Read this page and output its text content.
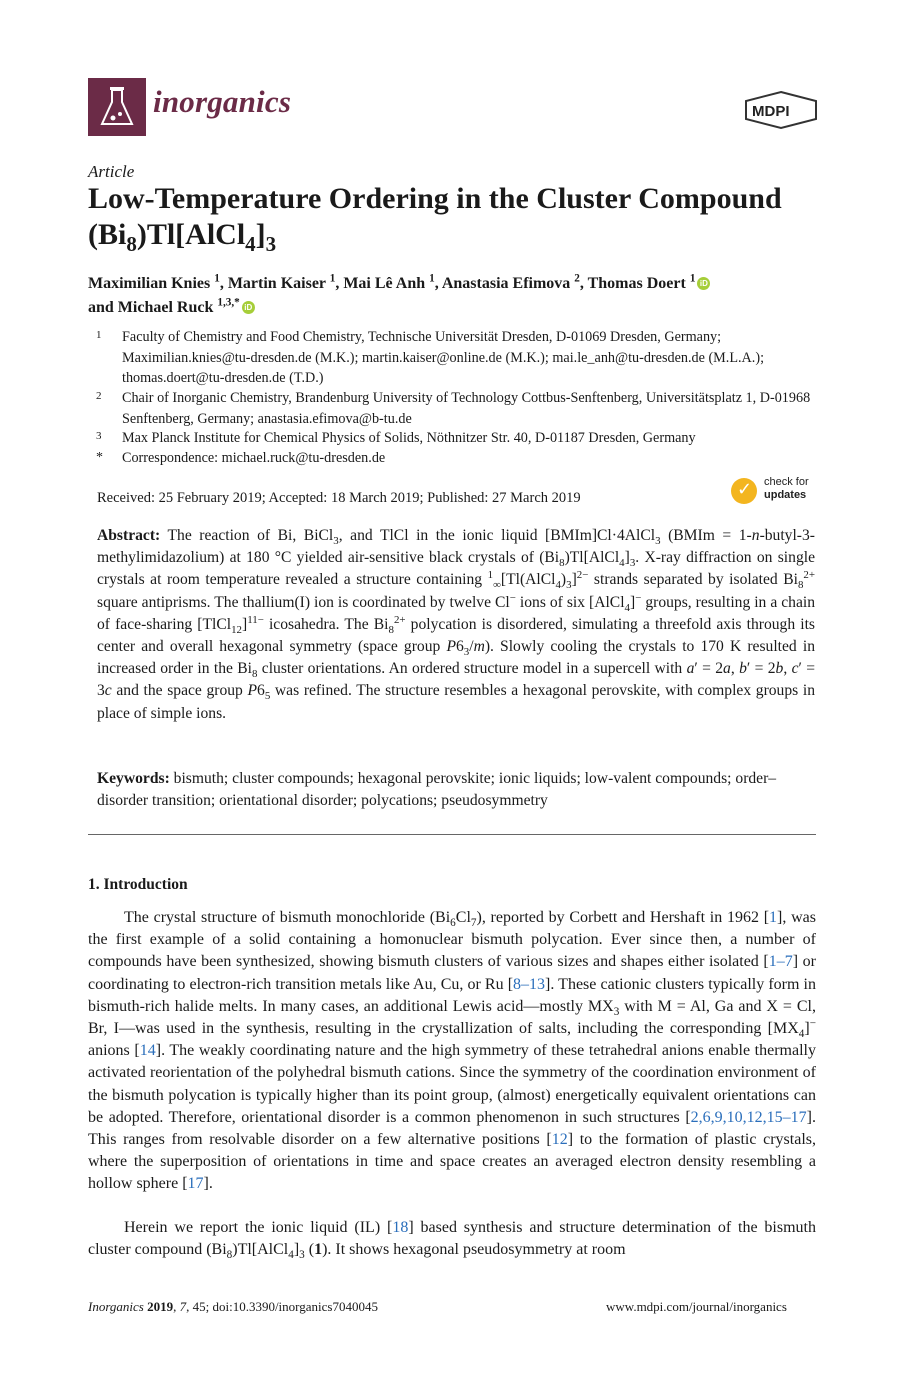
inorganics	MDPI
Article
Low-Temperature Ordering in the Cluster Compound
$(Bi_8)Tl[AlCl_4]_3$
Maximilian Knies $^1$, Martin Kaiser $^1$, Mai Lê Anh $^1$, Anastasia Efimova $^2$, Thomas Doert $^1$ iD
and Michael Ruck $^{1,3,*}$ iD
1 Faculty of Chemistry and Food Chemistry, Technische Universität Dresden, D-01069 Dresden, Germany; Maximilian.knies@tu-dresden.de (M.K.); martin.kaiser@online.de (M.K.); mai.le_anh@tu-dresden.de (M.L.A.); thomas.doert@tu-dresden.de (T.D.)
2 Chair of Inorganic Chemistry, Brandenburg University of Technology Cottbus-Senftenberg, Universitätsplatz 1, D-01968 Senftenberg, Germany; anastasia.efimova@b-tu.de
3 Max Planck Institute for Chemical Physics of Solids, Nöthnitzer Str. 40, D-01187 Dresden, Germany
* Correspondence: michael.ruck@tu-dresden.de
Received: 25 February 2019; Accepted: 18 March 2019; Published: 27 March 2019
✓
check for
updates
Abstract: The reaction of Bi, BiCl$_3$, and TlCl in the ionic liquid [BMIm]Cl·4AlCl$_3$ (BMIm = 1-n-butyl-3-methylimidazolium) at 180 °C yielded air-sensitive black crystals of $(Bi_8)Tl[AlCl_4]_3$. X-ray diffraction on single crystals at room temperature revealed a structure containing $^1_\infty[Tl(AlCl_4)_3]^{2-}$ strands separated by isolated $Bi_8^{2+}$ square antiprisms. The thallium(I) ion is coordinated by twelve Cl− ions of six [AlCl$_4$]− groups, resulting in a chain of face-sharing [TlCl$_{12}$]$^{11-}$ icosahedra. The $Bi_8^{2+}$ polycation is disordered, simulating a threefold axis through its center and overall hexagonal symmetry (space group $P6_3/m$). Slowly cooling the crystals to 170 K resulted in increased order in the $Bi_8$ cluster orientations. An ordered structure model in a supercell with a′ = 2a, b′ = 2b, c′ = 3c and the space group $P6_5$ was refined. The structure resembles a hexagonal perovskite, with complex groups in place of simple ions.
Keywords: bismuth; cluster compounds; hexagonal perovskite; ionic liquids; low-valent compounds; order–disorder transition; orientational disorder; polycations; pseudosymmetry
1. Introduction
The crystal structure of bismuth monochloride $(Bi_6Cl_7)$, reported by Corbett and Hershaft in 1962 [1], was the first example of a solid containing a homonuclear bismuth polycation. Ever since then, a number of compounds have been synthesized, showing bismuth clusters of various sizes and shapes either isolated [1–7] or coordinating to electron-rich transition metals like Au, Cu, or Ru [8–13]. These cationic clusters typically form in bismuth-rich halide melts. In many cases, an additional Lewis acid—mostly $MX_3$ with M = Al, Ga and X = Cl, Br, I—was used in the synthesis, resulting in the crystallization of salts, including the corresponding $[MX_4]^-$ anions [14]. The weakly coordinating nature and the high symmetry of these tetrahedral anions enable thermally activated reorientation of the polyhedral bismuth cations. Since the symmetry of the coordination environment of the bismuth polycation is typically higher than its point group, (almost) energetically equivalent orientations can be adopted. Therefore, orientational disorder is a common phenomenon in such structures [2,6,9,10,12,15–17]. This ranges from resolvable disorder on a few alternative positions [12] to the formation of plastic crystals, where the superposition of orientations in time and space creates an averaged electron density resembling a hollow sphere [17].
Herein we report the ionic liquid (IL) [18] based synthesis and structure determination of the bismuth cluster compound $(Bi_8)Tl[AlCl_4]_3$ (1). It shows hexagonal pseudosymmetry at room
Inorganics 2019, 7, 45; doi:10.3390/inorganics7040045	www.mdpi.com/journal/inorganics
